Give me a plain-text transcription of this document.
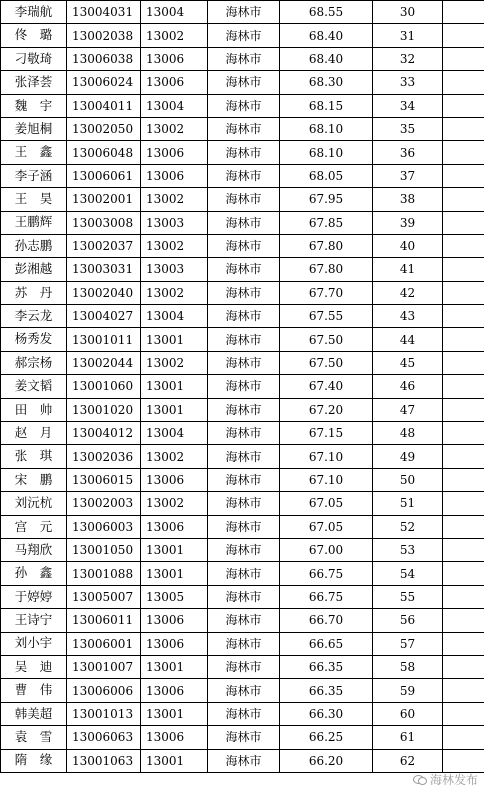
李瑞航	13004031	13004	海林市	68.55	30	
佟　璐	13002038	13002	海林市	68.40	31	
刁敬琦	13006038	13006	海林市	68.40	32	
张泽荟	13006024	13006	海林市	68.30	33	
魏　宇	13004011	13004	海林市	68.15	34	
姜旭桐	13002050	13002	海林市	68.10	35	
王　鑫	13006048	13006	海林市	68.10	36	
李子涵	13006061	13006	海林市	68.05	37	
王　昊	13002001	13002	海林市	67.95	38	
王鹏辉	13003008	13003	海林市	67.85	39	
孙志鹏	13002037	13002	海林市	67.80	40	
彭湘越	13003031	13003	海林市	67.80	41	
苏　丹	13002040	13002	海林市	67.70	42	
李云龙	13004027	13004	海林市	67.55	43	
杨秀发	13001011	13001	海林市	67.50	44	
郝宗杨	13002044	13002	海林市	67.50	45	
姜文韬	13001060	13001	海林市	67.40	46	
田　帅	13001020	13001	海林市	67.20	47	
赵　月	13004012	13004	海林市	67.15	48	
张　琪	13002036	13002	海林市	67.10	49	
宋　鹏	13006015	13006	海林市	67.10	50	
刘沅杭	13002003	13002	海林市	67.05	51	
宫　元	13006003	13006	海林市	67.05	52	
马翔欣	13001050	13001	海林市	67.00	53	
孙　鑫	13001088	13001	海林市	66.75	54	
于婷婷	13005007	13005	海林市	66.75	55	
王诗宁	13006011	13006	海林市	66.70	56	
刘小宇	13006001	13006	海林市	66.65	57	
吴　迪	13001007	13001	海林市	66.35	58	
曹　伟	13006006	13006	海林市	66.35	59	
韩美超	13001013	13001	海林市	66.30	60	
袁　雪	13006063	13006	海林市	66.25	61	
隋　缘	13001063	13001	海林市	66.20	62	
海林发布
